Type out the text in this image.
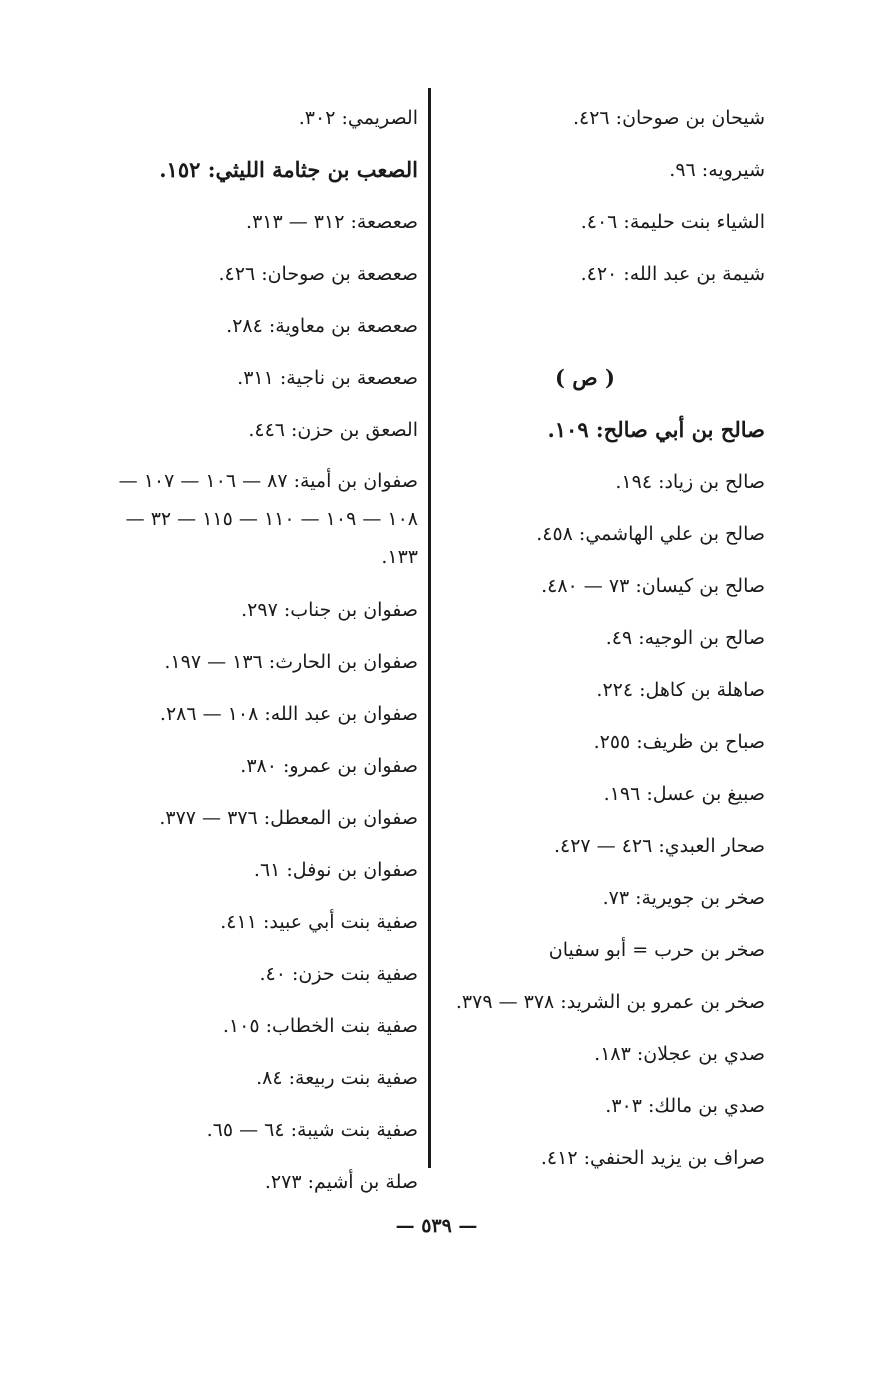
شيحان بن صوحان: ٤٢٦.
شيرويه: ٩٦.
الشياء بنت حليمة: ٤٠٦.
شيمة بن عبد الله: ٤٢٠.
( ص )
صالح بن أبي صالح: ١٠٩.
صالح بن زياد: ١٩٤.
صالح بن علي الهاشمي: ٤٥٨.
صالح بن كيسان: ٧٣ — ٤٨٠.
صالح بن الوجيه: ٤٩.
صاهلة بن كاهل: ٢٢٤.
صباح بن ظريف: ٢٥٥.
صبيغ بن عسل: ١٩٦.
صحار العبدي: ٤٢٦ — ٤٢٧.
صخر بن جويرية: ٧٣.
صخر بن حرب = أبو سفيان
صخر بن عمرو بن الشريد: ٣٧٨ — ٣٧٩.
صدي بن عجلان: ١٨٣.
صدي بن مالك: ٣٠٣.
صراف بن يزيد الحنفي: ٤١٢.
الصريمي: ٣٠٢.
الصعب بن جثامة الليثي: ١٥٢.
صعصعة: ٣١٢ — ٣١٣.
صعصعة بن صوحان: ٤٢٦.
صعصعة بن معاوية: ٢٨٤.
صعصعة بن ناجية: ٣١١.
الصعق بن حزن: ٤٤٦.
صفوان بن أمية: ٨٧ — ١٠٦ — ١٠٧ — ١٠٨ — ١٠٩ — ١١٠ — ١١٥ — ٣٢ — ١٣٣.
صفوان بن جناب: ٢٩٧.
صفوان بن الحارث: ١٣٦ — ١٩٧.
صفوان بن عبد الله: ١٠٨ — ٢٨٦.
صفوان بن عمرو: ٣٨٠.
صفوان بن المعطل: ٣٧٦ — ٣٧٧.
صفوان بن نوفل: ٦١.
صفية بنت أبي عبيد: ٤١١.
صفية بنت حزن: ٤٠.
صفية بنت الخطاب: ١٠٥.
صفية بنت ربيعة: ٨٤.
صفية بنت شيبة: ٦٤ — ٦٥.
صلة بن أشيم: ٢٧٣.
— ٥٣٩ —
